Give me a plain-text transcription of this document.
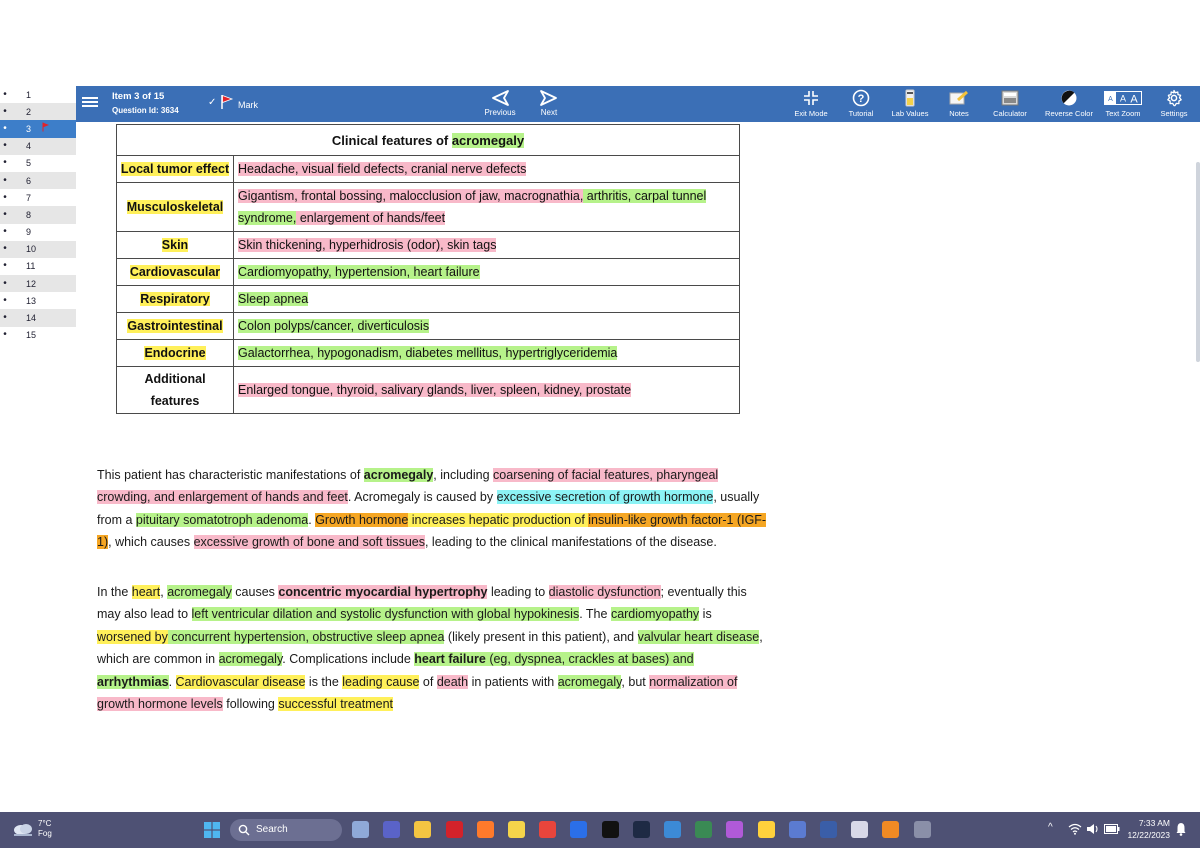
•	1
•	2
•	3
•	4
•	5
•	6
•	7
•	8
•	9
•	10
•	11
•	12
•	13
•	14
•	15
Item 3 of 15
Question Id: 3634
✓ Mark
Previous	Next	Exit Mode
?
Tutorial	Lab Values	Notes	Calculator	Reverse Color
A A A
Text Zoom	Settings
Clinical features of acromegaly	
Local tumor effect	Headache, visual field defects, cranial nerve defects
Musculoskeletal	Gigantism, frontal bossing, malocclusion of jaw, macrognathia, arthritis, carpal tunnel syndrome, enlargement of hands/feet
Skin	Skin thickening, hyperhidrosis (odor), skin tags
Cardiovascular	Cardiomyopathy, hypertension, heart failure
Respiratory	Sleep apnea
Gastrointestinal	Colon polyps/cancer, diverticulosis
Endocrine	Galactorrhea, hypogonadism, diabetes mellitus, hypertriglyceridemia
Additional features	Enlarged tongue, thyroid, salivary glands, liver, spleen, kidney, prostate

This patient has characteristic manifestations of acromegaly, including coarsening of facial features, pharyngeal crowding, and enlargement of hands and feet. Acromegaly is caused by excessive secretion of growth hormone, usually from a pituitary somatotroph adenoma. Growth hormone increases hepatic production of insulin-like growth factor-1 (IGF-1), which causes excessive growth of bone and soft tissues, leading to the clinical manifestations of the disease.

In the heart, acromegaly causes concentric myocardial hypertrophy leading to diastolic dysfunction; eventually this may also lead to left ventricular dilation and systolic dysfunction with global hypokinesis. The cardiomyopathy is worsened by concurrent hypertension, obstructive sleep apnea (likely present in this patient), and valvular heart disease, which are common in acromegaly. Complications include heart failure (eg, dyspnea, crackles at bases) and arrhythmias. Cardiovascular disease is the leading cause of death in patients with acromegaly, but normalization of growth hormone levels following successful treatment

7°C
Fog	Search	^	7:33 AM
12/22/2023
